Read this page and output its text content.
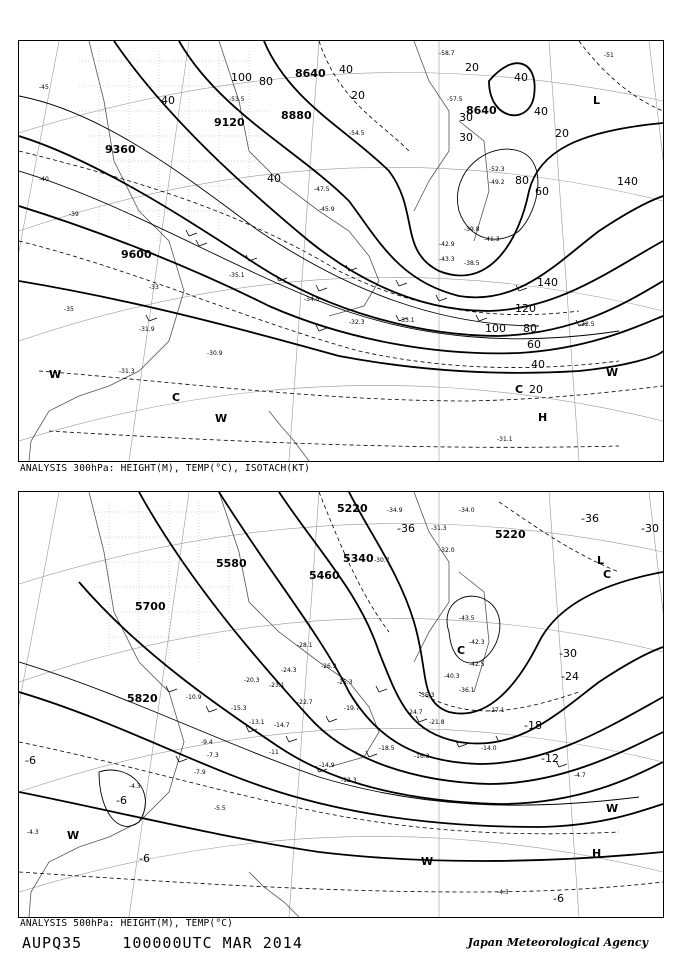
8640
8640
8880
9120
9360
9600
100 80
40	20
40	20
40
20
40
60
80	140
120
140
100 80
60
40
20
40
30
30
-45
-51
-53.5
-54.5
-58.7
-57.5
-52.3
-49.2
-39.8
-41.3
-42.9
-43.3
-38.5
-35.1
-34.5
-33.1
-32.3
-31.9
-30.9
-31.3
-35
-39
-33
-40
-47.5
-45.9
-32.5
-31.1
L
H
C
C
W
W
W
ANALYSIS 300hPa: HEIGHT(M), TEMP(°C), ISOTACH(KT)
5220
5220
5340
5460
5580
5700
5820
-36
-30
-36
-30
-24
-18
-12
-6
-6
-6
-6
-34.9	-34.0
-31.3
-32.0
-30.7
-43.5
-42.3
-42.5
-40.3
-36.1
-35.3
-27.1
-24.7
-21.8
-18.5
-16.3
-14.0
-14.9
-12.3
-11
-10.9
-7.3
-7.9
-5.5
-4.3
-4.3
-4.7
-28.1
-26.3
-25.3
-24.3
-22.7
-23.1
-20.3
-19.7
-15.3
-13.1 -14.7
-9.4
-4.3
L
C
H
C
W
W
W
ANALYSIS 500hPa: HEIGHT(M), TEMP(°C)
AUPQ35	100000UTC MAR 2014	Japan Meteorological Agency
